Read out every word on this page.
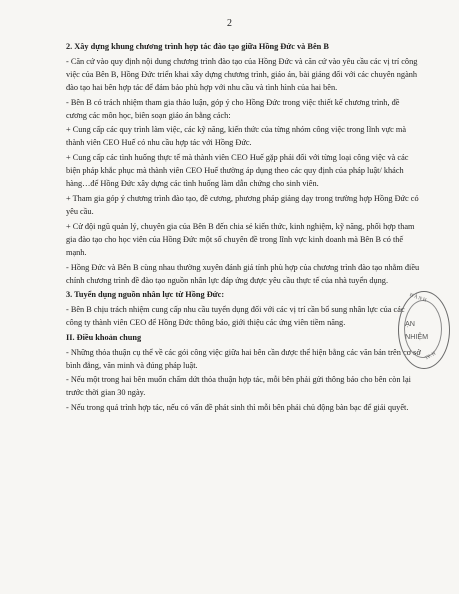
2

2. Xây dựng khung chương trình hợp tác đào tạo giữa Hồng Đức và Bên B

- Căn cứ vào quy định nội dung chương trình đào tạo của Hồng Đức và căn cứ vào yêu cầu các vị trí công việc của Bên B, Hồng Đức triển khai xây dựng chương trình, giáo án, bài giảng đối với các chuyên ngành đào tạo hai bên hợp tác để đảm bảo phù hợp với nhu cầu và tình hình của hai bên.

- Bên B có trách nhiệm tham gia thảo luận, góp ý cho Hồng Đức trong việc thiết kế chương trình, đề cương các môn học, biên soạn giáo án bằng cách:

+ Cung cấp các quy trình làm việc, các kỹ năng, kiến thức của từng nhóm công việc trong lĩnh vực mà thành viên CEO Huế có nhu cầu hợp tác với Hồng Đức.

+ Cung cấp các tình huống thực tế mà thành viên CEO Huế gặp phải đối với từng loại công việc và các biện pháp khắc phục mà thành viên CEO Huế thường áp dụng theo các quy định của pháp luật/ khách hàng…để Hồng Đức xây dựng các tình huống làm dẫn chứng cho sinh viên.

+ Tham gia góp ý chương trình đào tạo, đề cương, phương pháp giảng dạy trong trường hợp Hồng Đức có yêu cầu.

+ Cử đội ngũ quản lý, chuyên gia của Bên B đến chia sẻ kiến thức, kinh nghiệm, kỹ năng, phối hợp tham gia đào tạo cho học viên của Hồng Đức một số chuyên đề trong lĩnh vực kinh doanh mà Bên B có thế mạnh.

- Hồng Đức và Bên B cùng nhau thường xuyên đánh giá tính phù hợp của chương trình đào tạo nhằm điều chỉnh chương trình đề đào tạo nguồn nhân lực đáp ứng được yêu cầu thực tế của nhà tuyển dụng.

3. Tuyển dụng nguồn nhân lực từ Hồng Đức:

- Bên B chịu trách nhiệm cung cấp nhu cầu tuyển dụng đối với các vị trí cần bổ sung nhân lực của các công ty thành viên CEO để Hồng Đức thông báo, giới thiệu các ứng viên tiềm năng.

II. Điều khoản chung

- Những thỏa thuận cụ thể về các gói công việc giữa hai bên cần được thể hiện bằng các văn bản trên cơ sở bình đẳng, văn minh và đúng pháp luật.

- Nếu một trong hai bên muốn chấm dứt thỏa thuận hợp tác, mỗi bên phải gửi thông báo cho bên còn lại trước thời gian 30 ngày.

- Nếu trong quá trình hợp tác, nếu có vấn đề phát sinh thì mỗi bên phải chủ động bàn bạc để giải quyết.

HÀNH
ẠN
NHIỆM
TP. H
